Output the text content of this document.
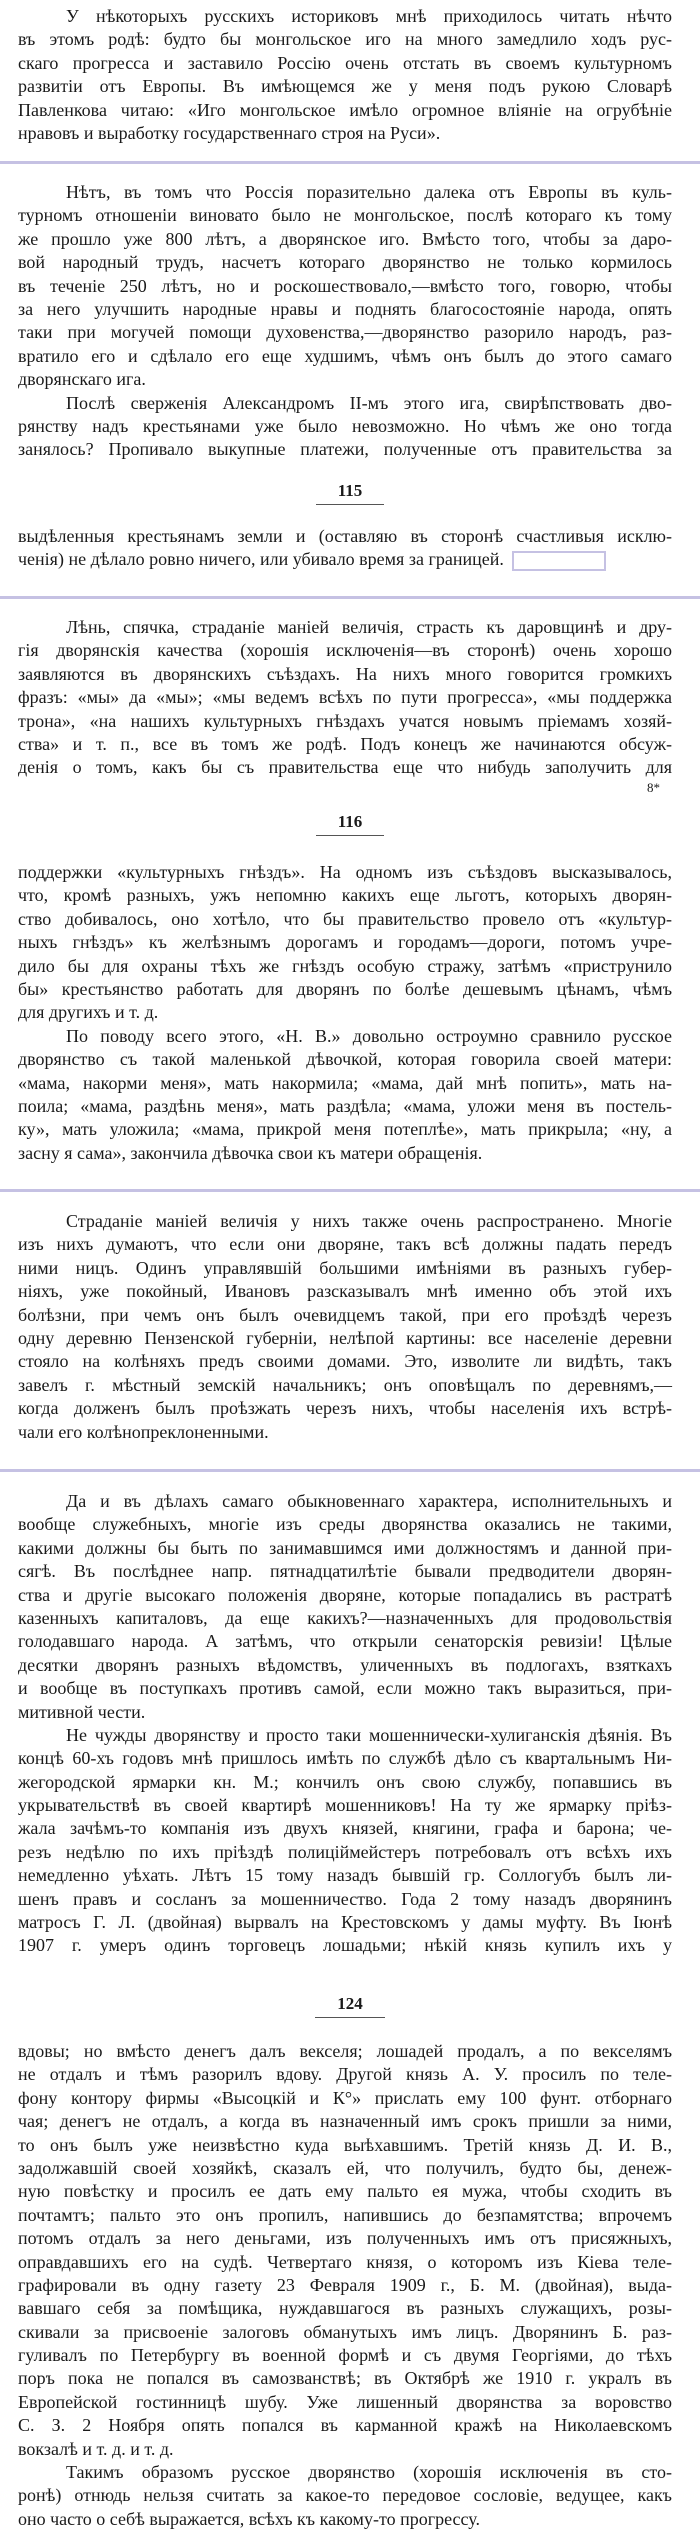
115
116
124
8*
У нѣкоторыхъ русскихъ историковъ мнѣ приходилось читать нѣчто
въ этомъ родѣ: будто бы монгольское иго на много замедлило ходъ рус-
скаго прогресса и заставило Россію очень отстать въ своемъ культурномъ
развитіи отъ Европы. Въ имѣющемся же у меня подъ рукою Словарѣ
Павленкова читаю: «Иго монгольское имѣло огромное вліяніе на огрубѣніе
нравовъ и выработку государственнаго строя на Руси».
Нѣтъ, въ томъ что Россія поразительно далека отъ Европы въ куль-
турномъ отношеніи виновато было не монгольское, послѣ котораго къ тому
же прошло уже 800 лѣтъ, а дворянское иго. Вмѣсто того, чтобы за даро-
вой народный трудъ, насчетъ котораго дворянство не только кормилось
въ теченіе 250 лѣтъ, но и роскошествовало,—вмѣсто того, говорю, чтобы
за него улучшить народные нравы и поднять благосостояніе народа, опять
таки при могучей помощи духовенства,—дворянство разорило народъ, раз-
вратило его и сдѣлало его еще худшимъ, чѣмъ онъ былъ до этого самаго
дворянскаго ига.
Послѣ сверженія Александромъ II-мъ этого ига, свирѣпствовать дво-
рянству надъ крестьянами уже было невозможно. Но чѣмъ же оно тогда
занялось? Пропивало выкупные платежи, полученные отъ правительства за
выдѣленныя крестьянамъ земли и (оставляю въ сторонѣ счастливыя исклю-
ченія) не дѣлало ровно ничего, или убивало время за границей.
Лѣнь, спячка, страданіе маніей величія, страсть къ даровщинѣ и дру-
гія дворянскія качества (хорошія исключенія—въ сторонѣ) очень хорошо
заявляются въ дворянскихъ съѣздахъ. На нихъ много говорится громкихъ
фразъ: «мы» да «мы»; «мы ведемъ всѣхъ по пути прогресса», «мы поддержка
трона», «на нашихъ культурныхъ гнѣздахъ учатся новымъ пріемамъ хозяй-
ства» и т. п., все въ томъ же родѣ. Подъ конецъ же начинаются обсуж-
денія о томъ, какъ бы съ правительства еще что нибудь заполучить для
поддержки «культурныхъ гнѣздъ». На одномъ изъ съѣздовъ высказывалось,
что, кромѣ разныхъ, ужъ непомню какихъ еще льготъ, которыхъ дворян-
ство добивалось, оно хотѣло, что бы правительство провело отъ «культур-
ныхъ гнѣздъ» къ желѣзнымъ дорогамъ и городамъ—дороги, потомъ учре-
дило бы для охраны тѣхъ же гнѣздъ особую стражу, затѣмъ «приструнило
бы» крестьянство работать для дворянъ по болѣе дешевымъ цѣнамъ, чѣмъ
для другихъ и т. д.
По поводу всего этого, «Н. В.» довольно остроумно сравнило русское
дворянство съ такой маленькой дѣвочкой, которая говорила своей матери:
«мама, накорми меня», мать накормила; «мама, дай мнѣ попить», мать на-
поила; «мама, раздѣнь меня», мать раздѣла; «мама, уложи меня въ постель-
ку», мать уложила; «мама, прикрой меня потеплѣе», мать прикрыла; «ну, а
засну я сама», закончила дѣвочка свои къ матери обращенія.
Страданіе маніей величія у нихъ также очень распространено. Многіе
изъ нихъ думаютъ, что если они дворяне, такъ всѣ должны падать передъ
ними ницъ. Одинъ управлявшій большими имѣніями въ разныхъ губер-
ніяхъ, уже покойный, Ивановъ разсказывалъ мнѣ именно объ этой ихъ
болѣзни, при чемъ онъ былъ очевидцемъ такой, при его проѣздѣ черезъ
одну деревню Пензенской губерніи, нелѣпой картины: все населеніе деревни
стояло на колѣняхъ предъ своими домами. Это, изволите ли видѣть, такъ
завелъ г. мѣстный земскій начальникъ; онъ оповѣщалъ по деревнямъ,—
когда долженъ былъ проѣзжать черезъ нихъ, чтобы населенія ихъ встрѣ-
чали его колѣнопреклоненными.
Да и въ дѣлахъ самаго обыкновеннаго характера, исполнительныхъ и
вообще служебныхъ, многіе изъ среды дворянства оказались не такими,
какими должны бы быть по занимавшимся ими должностямъ и данной при-
сягѣ. Въ послѣднее напр. пятнадцатилѣтіе бывали предводители дворян-
ства и другіе высокаго положенія дворяне, которые попадались въ растратѣ
казенныхъ капиталовъ, да еще какихъ?—назначенныхъ для продовольствія
голодавшаго народа. А затѣмъ, что открыли сенаторскія ревизіи! Цѣлые
десятки дворянъ разныхъ вѣдомствъ, уличенныхъ въ подлогахъ, взяткахъ
и вообще въ поступкахъ противъ самой, если можно такъ выразиться, при-
митивной чести.
Не чужды дворянству и просто таки мошеннически-хулиганскія дѣянія. Въ
концѣ 60-хъ годовъ мнѣ пришлось имѣть по службѣ дѣло съ квартальнымъ Ни-
жегородской ярмарки кн. М.; кончилъ онъ свою службу, попавшись въ
укрывательствѣ въ своей квартирѣ мошенниковъ! На ту же ярмарку пріѣз-
жала зачѣмъ-то компанія изъ двухъ князей, княгини, графа и барона; че-
резъ недѣлю по ихъ пріѣздѣ полиціймейстеръ потребовалъ отъ всѣхъ ихъ
немедленно уѣхать. Лѣтъ 15 тому назадъ бывшій гр. Соллогубъ былъ ли-
шенъ правъ и сосланъ за мошенничество. Года 2 тому назадъ дворянинъ
матросъ Г. Л. (двойная) вырвалъ на Крестовскомъ у дамы муфту. Въ Іюнѣ
1907 г. умеръ одинъ торговецъ лошадьми; нѣкій князь купилъ ихъ у
вдовы; но вмѣсто денегъ далъ векселя; лошадей продалъ, а по векселямъ
не отдалъ и тѣмъ разорилъ вдову. Другой князь А. У. просилъ по теле-
фону контору фирмы «Высоцкій и К°» прислать ему 100 фунт. отборнаго
чая; денегъ не отдалъ, а когда въ назначенный имъ срокъ пришли за ними,
то онъ былъ уже неизвѣстно куда выѣхавшимъ. Третій князь Д. И. В.,
задолжавшій своей хозяйкѣ, сказалъ ей, что получилъ, будто бы, денеж-
ную повѣстку и просилъ ее дать ему пальто ея мужа, чтобы сходить въ
почтамтъ; пальто это онъ пропилъ, напившись до безпамятства; впрочемъ
потомъ отдалъ за него деньгами, изъ полученныхъ имъ отъ присяжныхъ,
оправдавшихъ его на судѣ. Четвертаго князя, о которомъ изъ Кіева теле-
графировали въ одну газету 23 Февраля 1909 г., Б. М. (двойная), выда-
вавшаго себя за помѣщика, нуждавшагося въ разныхъ служащихъ, розы-
скивали за присвоеніе залоговъ обманутыхъ имъ лицъ. Дворянинъ Б. раз-
гуливалъ по Петербургу въ военной формѣ и съ двумя Георгіями, до тѣхъ
поръ пока не попался въ самозванствѣ; въ Октябрѣ же 1910 г. укралъ въ
Европейской гостинницѣ шубу. Уже лишенный дворянства за воровство
С. З. 2 Ноября опять попался въ карманной кражѣ на Николаевскомъ
вокзалѣ и т. д. и т. д.
Такимъ образомъ русское дворянство (хорошія исключенія въ сто-
ронѣ) отнюдь нельзя считать за какое-то передовое сословіе, ведущее, какъ
оно часто о себѣ выражается, всѣхъ къ какому-то прогрессу.
